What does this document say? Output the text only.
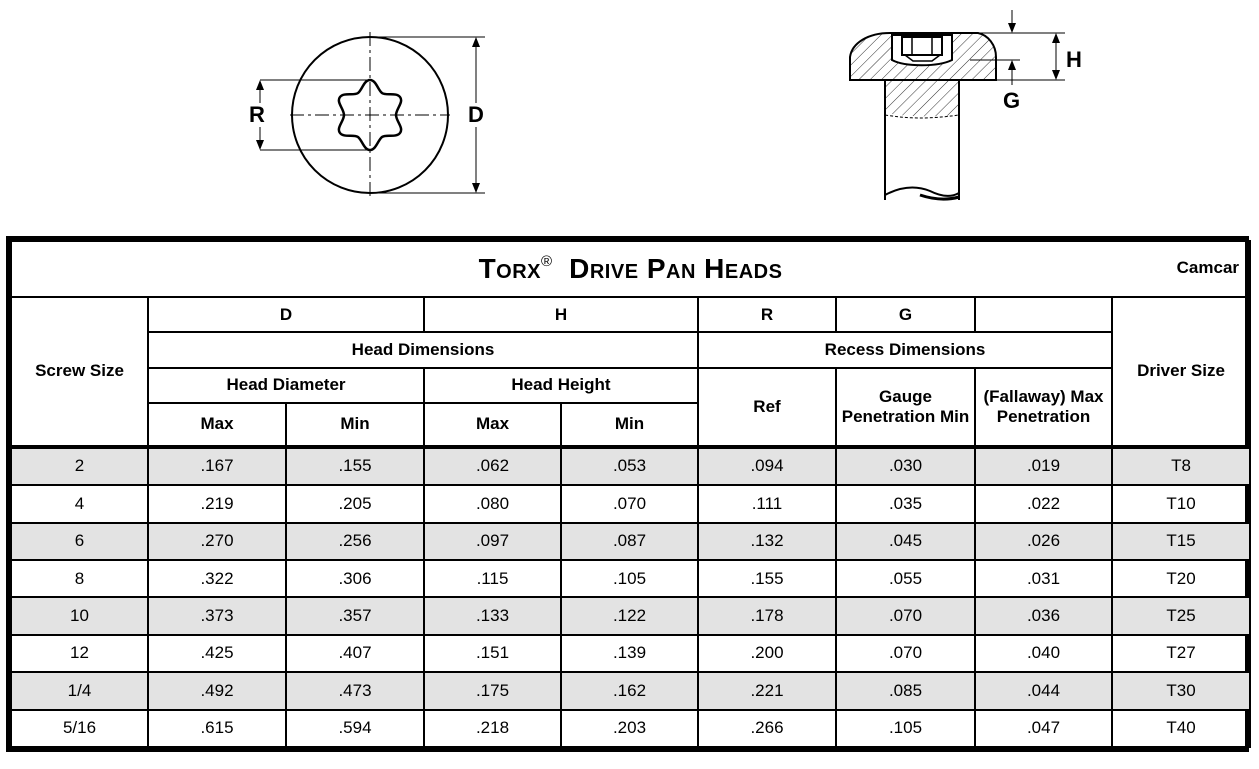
R	D
H
G
Torx® Drive Pan Heads Camcar								

Screw Size	D		H		R	G		Driver Size
	Head Dimensions				Recess Dimensions			
	Head Diameter		Head Height		Ref	Gauge Penetration Min	(Fallaway) Max Penetration	
	Max	Min	Max	Min				
2	.167	.155	.062	.053	.094	.030	.019	T8
4	.219	.205	.080	.070	.111	.035	.022	T10
6	.270	.256	.097	.087	.132	.045	.026	T15
8	.322	.306	.115	.105	.155	.055	.031	T20
10	.373	.357	.133	.122	.178	.070	.036	T25
12	.425	.407	.151	.139	.200	.070	.040	T27
1/4	.492	.473	.175	.162	.221	.085	.044	T30
5/16	.615	.594	.218	.203	.266	.105	.047	T40
